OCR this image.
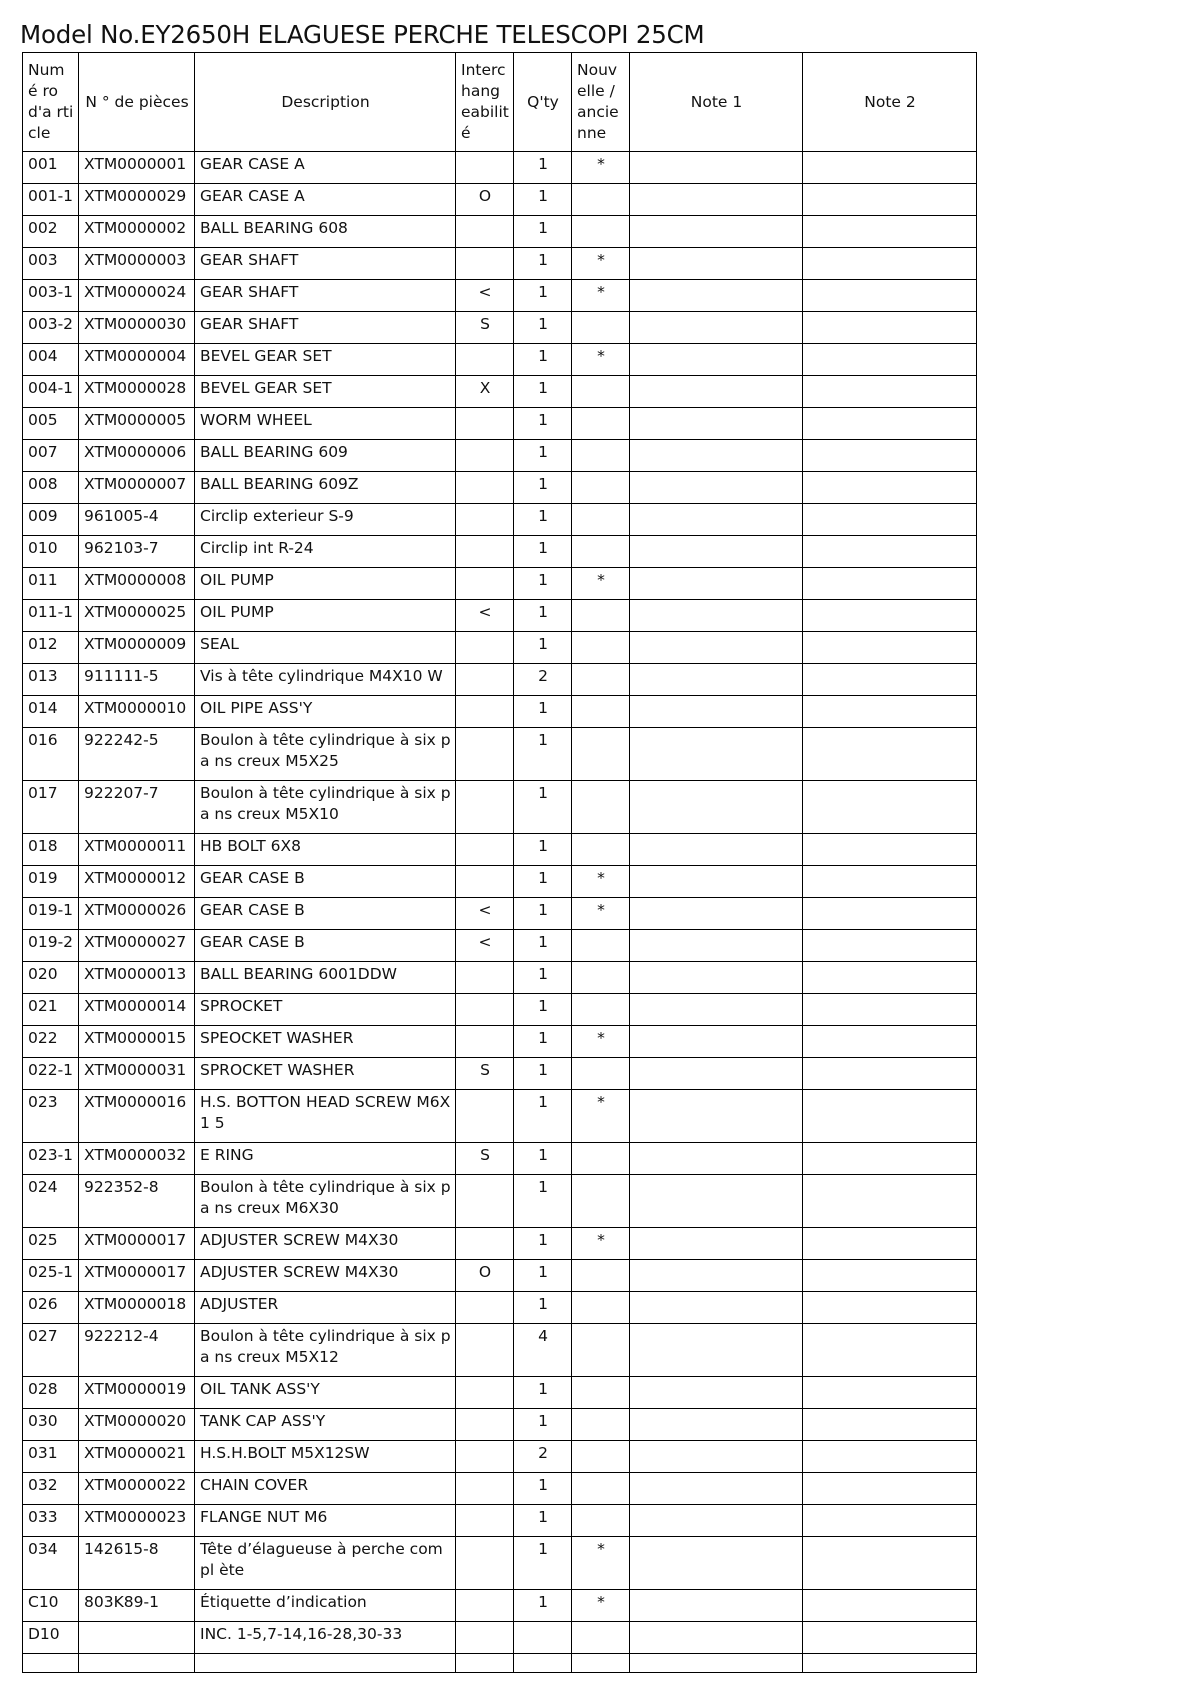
Model No.EY2650H ELAGUESE PERCHE TELESCOPI 25CM
Numé ro d'a rticle	N ° de pièces	Description	Interc hang eabilit é	Q'ty	Nouv elle / ancie nne	Note 1	Note 2
001	XTM0000001	GEAR CASE A		1	*		
001-1	XTM0000029	GEAR CASE A	O	1			
002	XTM0000002	BALL BEARING 608		1			
003	XTM0000003	GEAR SHAFT		1	*		
003-1	XTM0000024	GEAR SHAFT	<	1	*		
003-2	XTM0000030	GEAR SHAFT	S	1			
004	XTM0000004	BEVEL GEAR SET		1	*		
004-1	XTM0000028	BEVEL GEAR SET	X	1			
005	XTM0000005	WORM WHEEL		1			
007	XTM0000006	BALL BEARING 609		1			
008	XTM0000007	BALL BEARING 609Z		1			
009	961005-4	Circlip exterieur S-9		1			
010	962103-7	Circlip int R-24		1			
011	XTM0000008	OIL PUMP		1	*		
011-1	XTM0000025	OIL PUMP	<	1			
012	XTM0000009	SEAL		1			
013	911111-5	Vis à tête cylindrique M4X10 W		2			
014	XTM0000010	OIL PIPE ASS'Y		1			
016	922242-5	Boulon à tête cylindrique à six pa ns creux M5X25		1			
017	922207-7	Boulon à tête cylindrique à six pa ns creux M5X10		1			
018	XTM0000011	HB BOLT 6X8		1			
019	XTM0000012	GEAR CASE B		1	*		
019-1	XTM0000026	GEAR CASE B	<	1	*		
019-2	XTM0000027	GEAR CASE B	<	1			
020	XTM0000013	BALL BEARING 6001DDW		1			
021	XTM0000014	SPROCKET		1			
022	XTM0000015	SPEOCKET WASHER		1	*		
022-1	XTM0000031	SPROCKET WASHER	S	1			
023	XTM0000016	H.S. BOTTON HEAD SCREW M6X1 5		1	*		
023-1	XTM0000032	E RING	S	1			
024	922352-8	Boulon à tête cylindrique à six pa ns creux M6X30		1			
025	XTM0000017	ADJUSTER SCREW M4X30		1	*		
025-1	XTM0000017	ADJUSTER SCREW M4X30	O	1			
026	XTM0000018	ADJUSTER		1			
027	922212-4	Boulon à tête cylindrique à six pa ns creux M5X12		4			
028	XTM0000019	OIL TANK ASS'Y		1			
030	XTM0000020	TANK CAP ASS'Y		1			
031	XTM0000021	H.S.H.BOLT M5X12SW		2			
032	XTM0000022	CHAIN COVER		1			
033	XTM0000023	FLANGE NUT M6		1			
034	142615-8	Tête d’élagueuse à perche compl ète		1	*		
C10	803K89-1	Étiquette d’indication		1	*		
D10		INC. 1-5,7-14,16-28,30-33					
